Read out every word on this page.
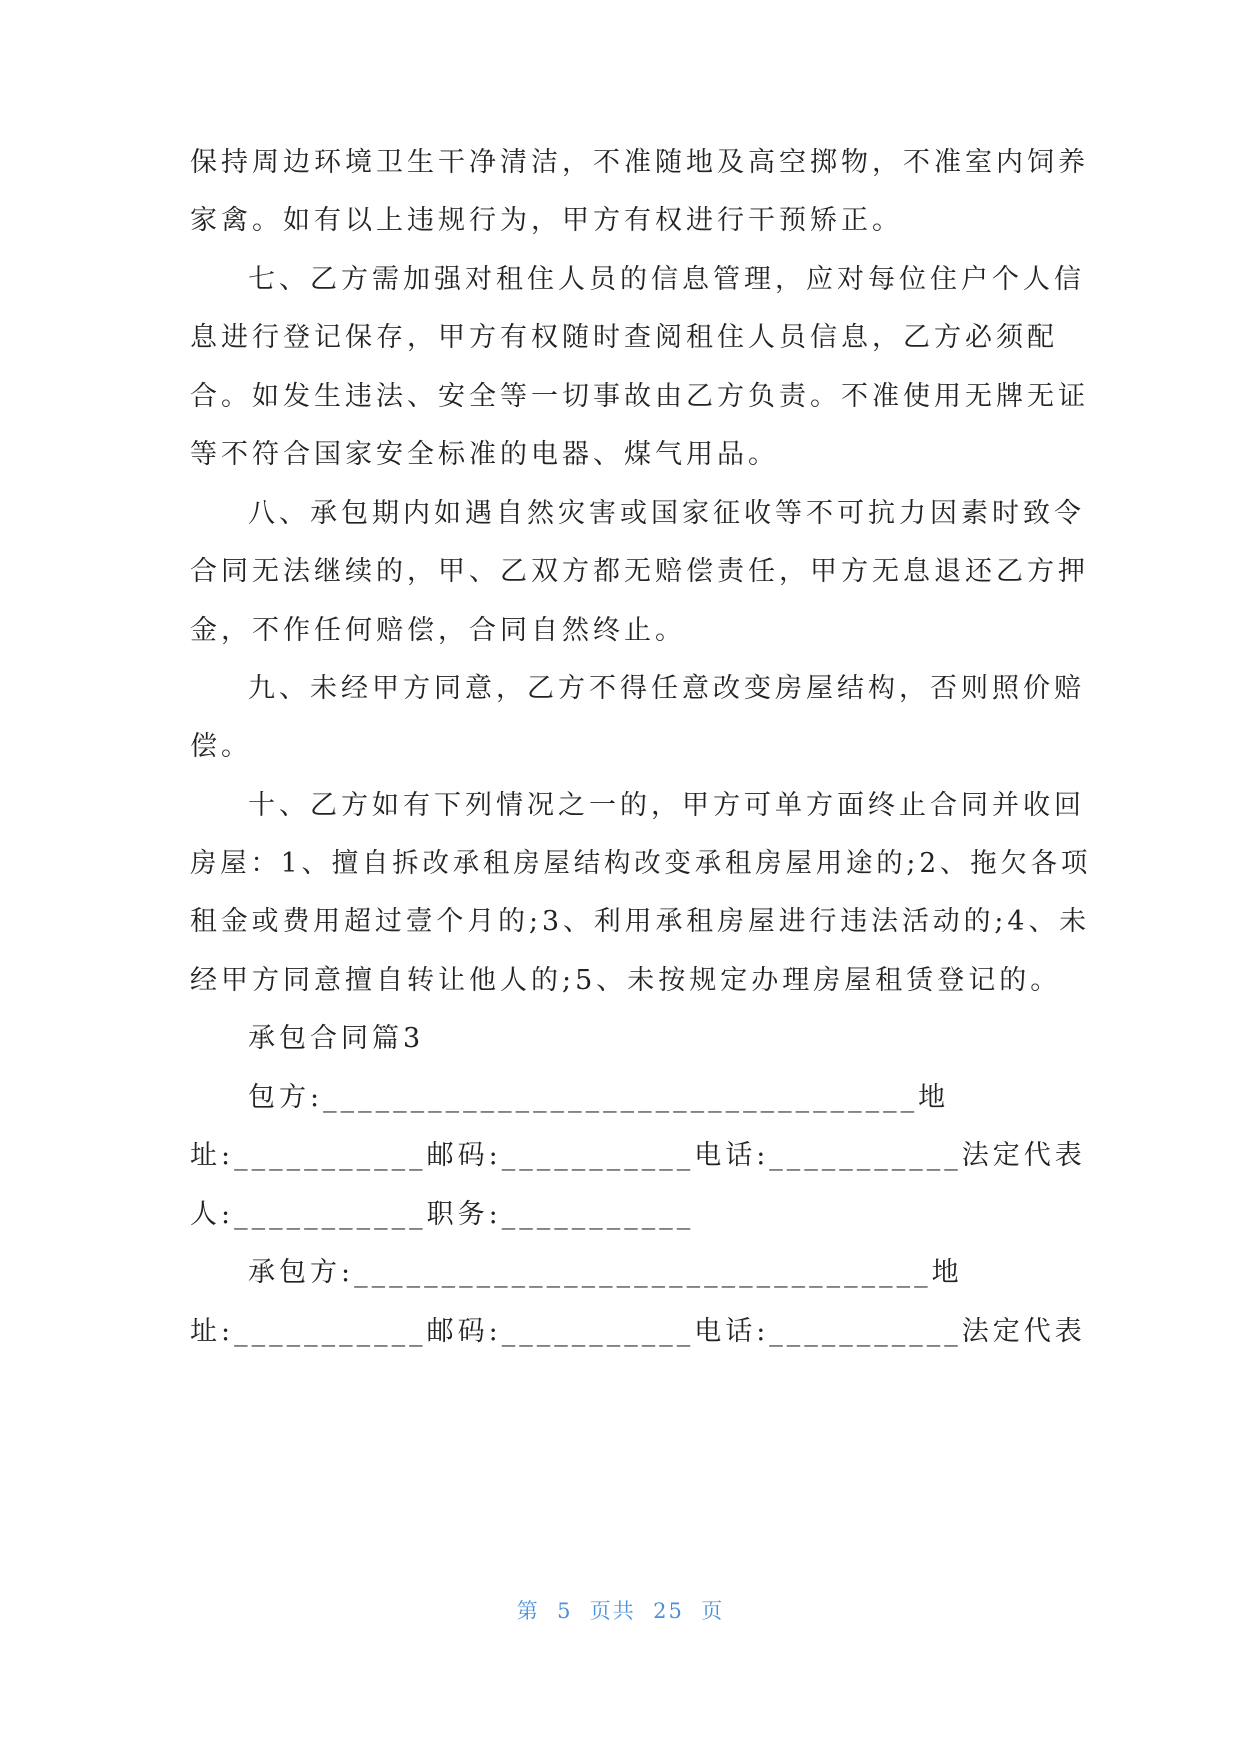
保持周边环境卫生干净清洁，不准随地及高空掷物，不准室内饲养
家禽。如有以上违规行为，甲方有权进行干预矫正。
七、乙方需加强对租住人员的信息管理，应对每位住户个人信
息进行登记保存，甲方有权随时查阅租住人员信息，乙方必须配
合。如发生违法、安全等一切事故由乙方负责。不准使用无牌无证
等不符合国家安全标准的电器、煤气用品。
八、承包期内如遇自然灾害或国家征收等不可抗力因素时致令
合同无法继续的，甲、乙双方都无赔偿责任，甲方无息退还乙方押
金，不作任何赔偿，合同自然终止。
九、未经甲方同意，乙方不得任意改变房屋结构，否则照价赔
偿。
十、乙方如有下列情况之一的，甲方可单方面终止合同并收回
房屋：1、擅自拆改承租房屋结构改变承租房屋用途的;2、拖欠各项
租金或费用超过壹个月的;3、利用承租房屋进行违法活动的;4、未
经甲方同意擅自转让他人的;5、未按规定办理房屋租赁登记的。
承包合同篇3
包方:__________________________________地
址:___________邮码:___________电话:___________法定代表
人:___________职务:___________
承包方:_________________________________地
址:___________邮码:___________电话:___________法定代表
第  5  页共  25  页
